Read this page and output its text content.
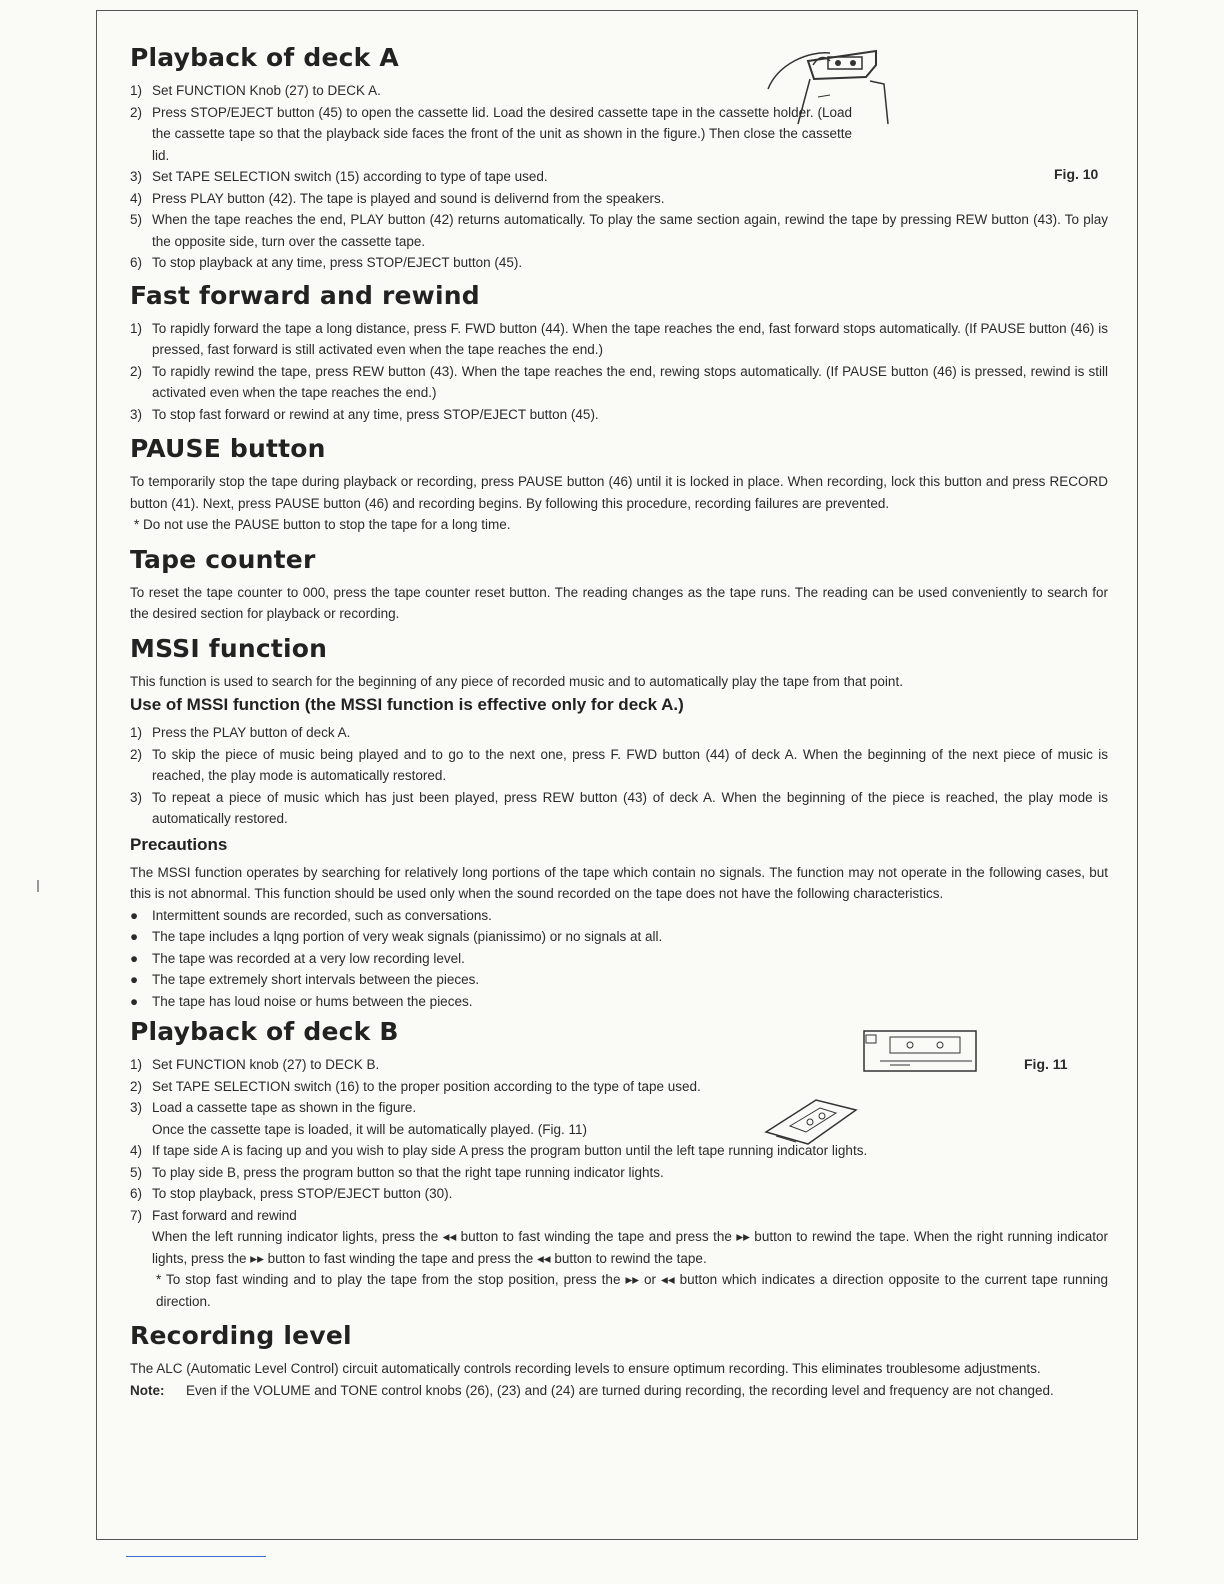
Playback of deck A
1) Set FUNCTION Knob (27) to DECK A.
2) Press STOP/EJECT button (45) to open the cassette lid. Load the desired cassette tape in the cassette holder. (Load the cassette tape so that the playback side faces the front of the unit as shown in the figure.) Then close the cassette lid.
3) Set TAPE SELECTION switch (15) according to type of tape used.
4) Press PLAY button (42). The tape is played and sound is delivernd from the speakers.
5) When the tape reaches the end, PLAY button (42) returns automatically. To play the same section again, rewind the tape by pressing REW button (43). To play the opposite side, turn over the cassette tape.
6) To stop playback at any time, press STOP/EJECT button (45).
Fig. 10
Fast forward and rewind
1) To rapidly forward the tape a long distance, press F. FWD button (44). When the tape reaches the end, fast forward stops automatically. (If PAUSE button (46) is pressed, fast forward is still activated even when the tape reaches the end.)
2) To rapidly rewind the tape, press REW button (43). When the tape reaches the end, rewing stops automatically. (If PAUSE button (46) is pressed, rewind is still activated even when the tape reaches the end.)
3) To stop fast forward or rewind at any time, press STOP/EJECT button (45).
PAUSE button

To temporarily stop the tape during playback or recording, press PAUSE button (46) until it is locked in place. When recording, lock this button and press RECORD button (41). Next, press PAUSE button (46) and recording begins. By following this procedure, recording failures are prevented.

* Do not use the PAUSE button to stop the tape for a long time.

Tape counter

To reset the tape counter to 000, press the tape counter reset button. The reading changes as the tape runs. The reading can be used conveniently to search for the desired section for playback or recording.

MSSI function

This function is used to search for the beginning of any piece of recorded music and to automatically play the tape from that point.

Use of MSSI function (the MSSI function is effective only for deck A.)
1) Press the PLAY button of deck A.
2) To skip the piece of music being played and to go to the next one, press F. FWD button (44) of deck A. When the beginning of the next piece of music is reached, the play mode is automatically restored.
3) To repeat a piece of music which has just been played, press REW button (43) of deck A. When the beginning of the piece is reached, the play mode is automatically restored.
Precautions

The MSSI function operates by searching for relatively long portions of the tape which contain no signals. The function may not operate in the following cases, but this is not abnormal. This function should be used only when the sound recorded on the tape does not have the following characteristics.

●	Intermittent sounds are recorded, such as conversations.
●	The tape includes a lqng portion of very weak signals (pianissimo) or no signals at all.
●	The tape was recorded at a very low recording level.
●	The tape extremely short intervals between the pieces.
●	The tape has loud noise or hums between the pieces.
Playback of deck B
1) Set FUNCTION knob (27) to DECK B.
2) Set TAPE SELECTION switch (16) to the proper position according to the type of tape used.
3) Load a cassette tape as shown in the figure.
Once the cassette tape is loaded, it will be automatically played. (Fig. 11)
4) If tape side A is facing up and you wish to play side A press the program button until the left tape running indicator lights.
5) To play side B, press the program button so that the right tape running indicator lights.
6) To stop playback, press STOP/EJECT button (30).
7) Fast forward and rewind
When the left running indicator lights, press the ◂◂ button to fast winding the tape and press the ▸▸ button to rewind the tape. When the right running indicator lights, press the ▸▸ button to fast winding the tape and press the ◂◂ button to rewind the tape.
* To stop fast winding and to play the tape from the stop position, press the ▸▸ or ◂◂ button which indicates a direction opposite to the current tape running direction.
Fig. 11
Recording level

The ALC (Automatic Level Control) circuit automatically controls recording levels to ensure optimum recording. This eliminates troublesome adjustments.

Note:	Even if the VOLUME and TONE control knobs (26), (23) and (24) are turned during recording, the recording level and frequency are not changed.
